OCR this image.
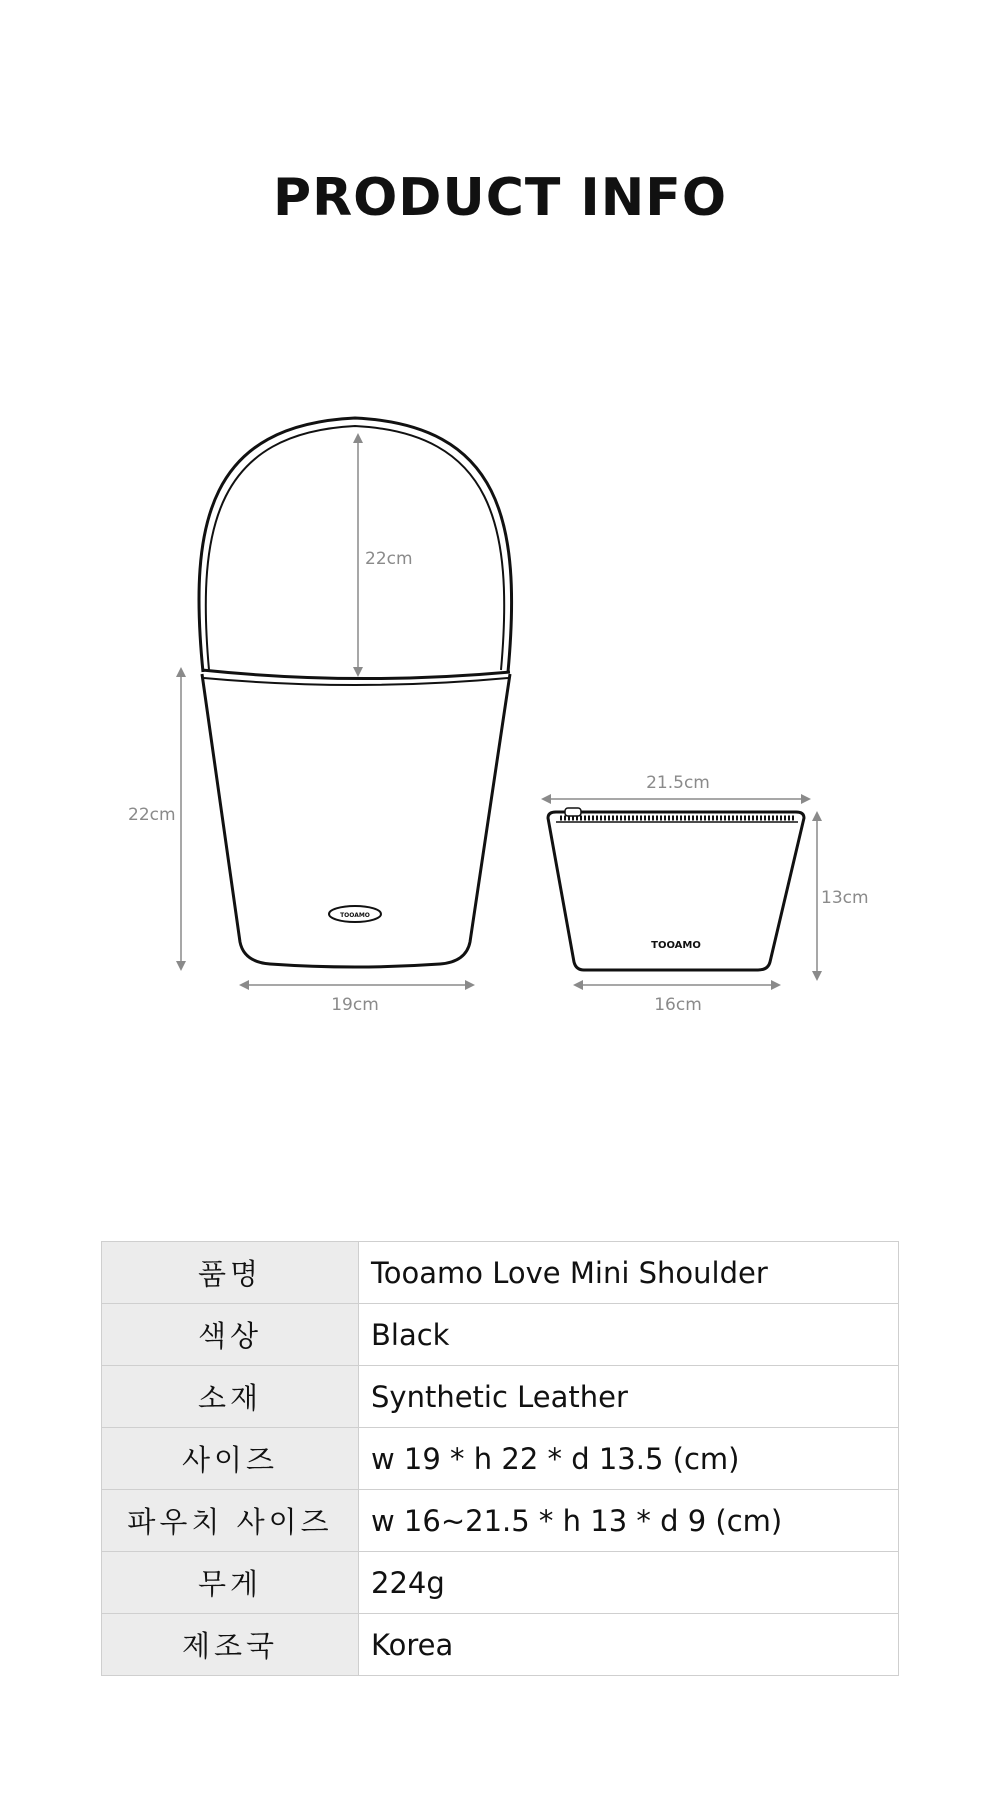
PRODUCT INFO
TOOAMO
22cm
22cm
19cm
TOOAMO
21.5cm
13cm
16cm
품명	Tooamo Love Mini Shoulder
색상	Black
소재	Synthetic Leather
사이즈	w 19 * h 22 * d 13.5 (cm)
파우치 사이즈	w 16~21.5 * h 13 * d 9 (cm)
무게	224g
제조국	Korea
